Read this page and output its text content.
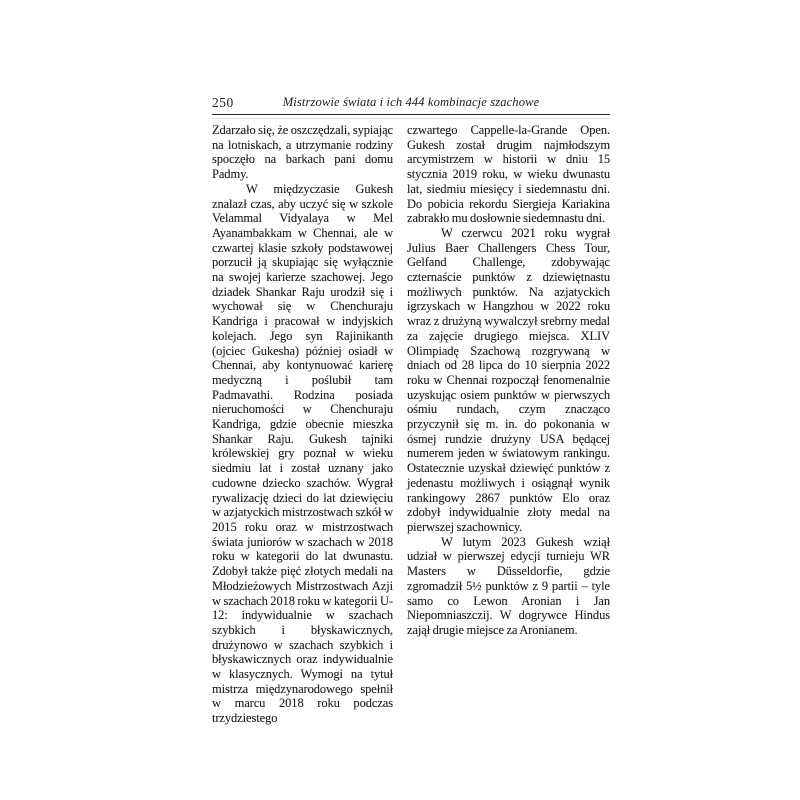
250	Mistrzowie świata i ich 444 kombinacje szachowe

Zdarzało się, że oszczędzali, sypiając na lotniskach, a utrzymanie rodziny spoczęło na barkach pani domu Padmy.

W międzyczasie Gukesh znalazł czas, aby uczyć się w szkole Velammal Vidyalaya w Mel Ayanambakkam w Chennai, ale w czwartej klasie szkoły podstawowej porzucił ją skupiając się wyłącznie na swojej karierze szachowej. Jego dziadek Shankar Raju urodził się i wychował się w Chenchuraju Kandriga i pracował w indyjskich kolejach. Jego syn Rajinikanth (ojciec Gukesha) później osiadł w Chennai, aby kontynuować karierę medyczną i poślubił tam Padmavathi. Rodzina posiada nieruchomości w Chenchuraju Kandriga, gdzie obecnie mieszka Shankar Raju. Gukesh tajniki królewskiej gry poznał w wieku siedmiu lat i został uznany jako cudowne dziecko szachów. Wygrał rywalizację dzieci do lat dziewięciu w azjatyckich mistrzostwach szkół w 2015 roku oraz w mistrzostwach świata juniorów w szachach w 2018 roku w kategorii do lat dwunastu. Zdobył także pięć złotych medali na Młodzieżowych Mistrzostwach Azji w szachach 2018 roku w kategorii U-12: indywidualnie w szachach szybkich i błyskawicznych, drużynowo w szachach szybkich i błyskawicznych oraz indywidualnie w klasycznych. Wymogi na tytuł mistrza międzynarodowego spełnił w marcu 2018 roku podczas trzydziestego

czwartego Cappelle-la-Grande Open. Gukesh został drugim najmłodszym arcymistrzem w historii w dniu 15 stycznia 2019 roku, w wieku dwunastu lat, siedmiu miesięcy i siedemnastu dni. Do pobicia rekordu Siergieja Kariakina zabrakło mu dosłownie siedemnastu dni.

W czerwcu 2021 roku wygrał Julius Baer Challengers Chess Tour, Gelfand Challenge, zdobywając czternaście punktów z dziewiętnastu możliwych punktów. Na azjatyckich igrzyskach w Hangzhou w 2022 roku wraz z drużyną wywalczył srebrny medal za zajęcie drugiego miejsca. XLIV Olimpiadę Szachową rozgrywaną w dniach od 28 lipca do 10 sierpnia 2022 roku w Chennai rozpoczął fenomenalnie uzyskując osiem punktów w pierwszych ośmiu rundach, czym znacząco przyczynił się m. in. do pokonania w ósmej rundzie drużyny USA będącej numerem jeden w światowym rankingu. Ostatecznie uzyskał dziewięć punktów z jedenastu możliwych i osiągnął wynik rankingowy 2867 punktów Elo oraz zdobył indywidualnie złoty medal na pierwszej szachownicy.

W lutym 2023 Gukesh wziął udział w pierwszej edycji turnieju WR Masters w Düsseldorfie, gdzie zgromadził 5½ punktów z 9 partii – tyle samo co Lewon Aronian i Jan Niepomniaszczij. W dogrywce Hindus zajął drugie miejsce za Aronianem.
